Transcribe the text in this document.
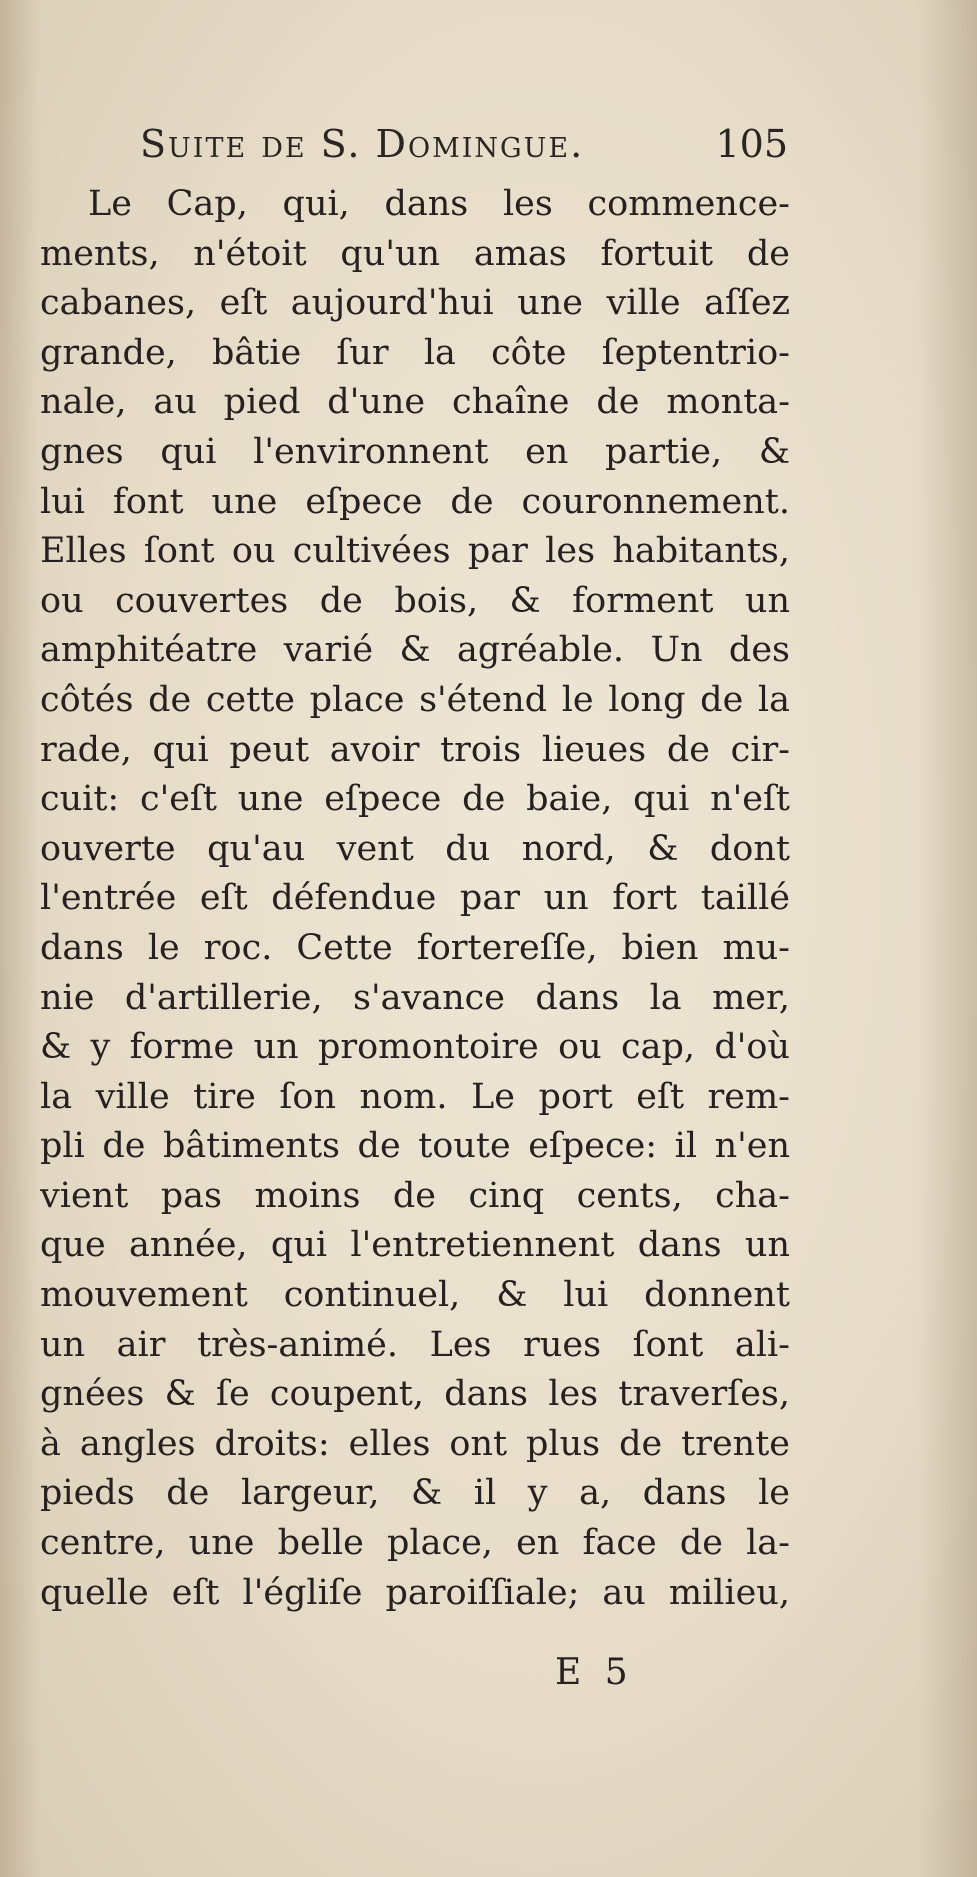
Suite de S. Domingue.	105
Le Cap, qui, dans les commence-
ments, n'étoit qu'un amas fortuit de
cabanes, eſt aujourd'hui une ville aſſez
grande, bâtie ſur la côte ſeptentrio-
nale, au pied d'une chaîne de monta-
gnes qui l'environnent en partie, &
lui font une eſpece de couronnement.
Elles ſont ou cultivées par les habitants,
ou couvertes de bois, & forment un
amphitéatre varié & agréable. Un des
côtés de cette place s'étend le long de la
rade, qui peut avoir trois lieues de cir-
cuit: c'eſt une eſpece de baie, qui n'eſt
ouverte qu'au vent du nord, & dont
l'entrée eſt défendue par un fort taillé
dans le roc. Cette fortereſſe, bien mu-
nie d'artillerie, s'avance dans la mer,
& y forme un promontoire ou cap, d'où
la ville tire ſon nom. Le port eſt rem-
pli de bâtiments de toute eſpece: il n'en
vient pas moins de cinq cents, cha-
que année, qui l'entretiennent dans un
mouvement continuel, & lui donnent
un air très-animé. Les rues ſont ali-
gnées & ſe coupent, dans les traverſes,
à angles droits: elles ont plus de trente
pieds de largeur, & il y a, dans le
centre, une belle place, en face de la-
quelle eſt l'égliſe paroiſſiale; au milieu,
E 5
